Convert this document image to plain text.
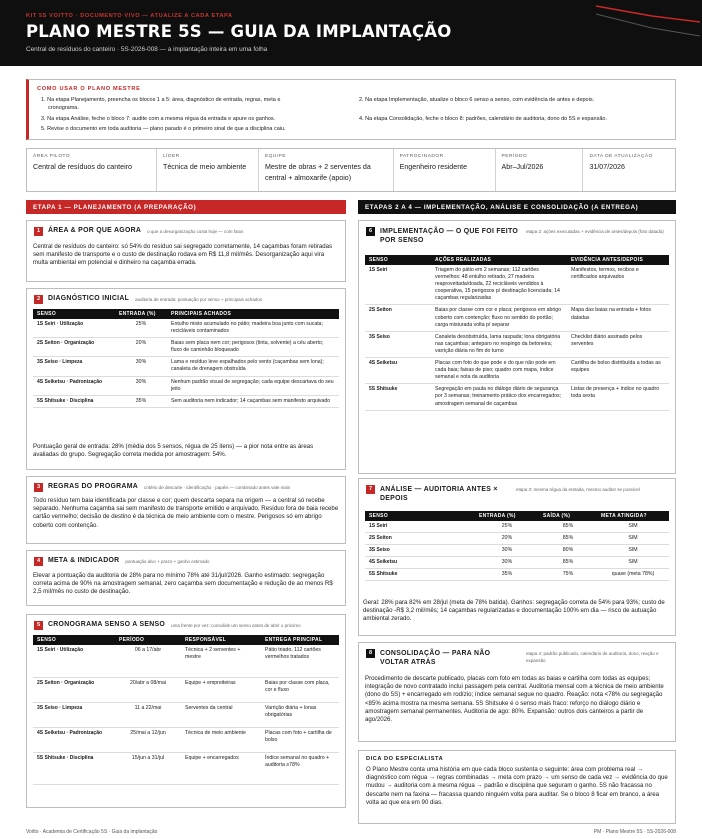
KIT 5S VOITTO · DOCUMENTO VIVO — ATUALIZE A CADA ETAPA
PLANO MESTRE 5S — GUIA DA IMPLANTAÇÃO
Central de resíduos do canteiro · 5S-2026-008 — a implantação inteira em uma folha
COMO USAR O PLANO MESTRE
1. Na etapa Planejamento, preencha os blocos 1 a 5: área, diagnóstico de entrada, regras, meta e
cronograma.
3. Na etapa Análise, feche o bloco 7: audite com a mesma régua da entrada e apure os ganhos.
5. Revise o documento em toda auditoria — plano parado é o primeiro sinal de que a disciplina caiu.
2. Na etapa Implementação, atualize o bloco 6 senso a senso, com evidência de antes e depois.
4. Na etapa Consolidação, feche o bloco 8: padrões, calendário de auditoria, dono do 5S e expansão.
ÁREA PILOTO
Central de resíduos do canteiro
LÍDER
Técnica de meio ambiente
EQUIPE
Mestre de obras + 2 serventes da central + almoxarife (apoio)
PATROCINADOR
Engenheiro residente
PERÍODO
Abr–Jul/2026
DATA DE ATUALIZAÇÃO
31/07/2026
ETAPA 1 — PLANEJAMENTO (A PREPARAÇÃO)	ETAPAS 2 A 4 — IMPLEMENTAÇÃO, ANÁLISE E CONSOLIDAÇÃO (A ENTREGA)
1	ÁREA & POR QUE AGORA o que a desorganização custa hoje — com fatos
Central de resíduos do canteiro: só 54% do resíduo sai segregado corretamente, 14 caçambas foram retiradas sem manifesto de transporte e o custo de destinação rodava em R$ 11,8 mil/mês. Desorganização aqui vira multa ambiental em potencial e dinheiro na caçamba errada.
2	DIAGNÓSTICO INICIAL auditoria de entrada: pontuação por senso + principais achados
SENSO	ENTRADA (%)	PRINCIPAIS ACHADOS
1S Seiri · Utilização	25%	Entulho misto acumulado no pátio; madeira boa junto com sucata; recicláveis contaminados
2S Seiton · Organização	20%	Baias sem placa nem cor; perigosos (tinta, solvente) a céu aberto; fluxo de caminhão bloqueado
3S Seiso · Limpeza	30%	Lama e resíduo leve espalhados pelo vento (caçambas sem lona); canaleta de drenagem obstruída
4S Seiketsu · Padronização	30%	Nenhum padrão visual de segregação; cada equipe descartava do seu jeito
5S Shitsuke · Disciplina	35%	Sem auditoria nem indicador; 14 caçambas sem manifesto arquivado
Pontuação geral de entrada: 28% (média dos 5 sensos, régua de 25 itens) — a pior nota entre as áreas avaliadas do grupo. Segregação correta medida por amostragem: 54%.
3	REGRAS DO PROGRAMA critério de descarte · identificação · papéis — combinado antes vale mais
Todo resíduo tem baia identificada por classe e cor; quem descarta separa na origem — a central só recebe separado. Nenhuma caçamba sai sem manifesto de transporte emitido e arquivado. Resíduo fora de baia recebe cartão vermelho; decisão de destino é da técnica de meio ambiente com o mestre. Perigosos só em abrigo coberto com contenção.
4	META & INDICADOR pontuação alvo + prazo + ganho estimado
Elevar a pontuação da auditoria de 28% para no mínimo 78% até 31/jul/2026. Ganho estimado: segregação correta acima de 90% na amostragem semanal, zero caçamba sem documentação e redução de ao menos R$ 2,5 mil/mês no custo de destinação.
5	CRONOGRAMA SENSO A SENSO uma frente por vez: consolide um senso antes de abrir o próximo
SENSO	PERÍODO	RESPONSÁVEL	ENTREGA PRINCIPAL
1S Seiri · Utilização	06 a 17/abr	Técnica + 2 serventes + mestre	Pátio triado, 112 cartões vermelhos tratados
2S Seiton · Organização	20/abr a 08/mai	Equipe + empreiteiras	Baias por classe com placa, cor e fluxo
3S Seiso · Limpeza	11 a 22/mai	Serventes da central	Varrição diária + lonas obrigatórias
4S Seiketsu · Padronização	25/mai a 12/jun	Técnica de meio ambiente	Placas com foto + cartilha de bolso
5S Shitsuke · Disciplina	15/jun a 31/jul	Equipe + encarregados	Índice semanal no quadro + auditoria ≥78%
6	IMPLEMENTAÇÃO — O QUE FOI FEITO POR SENSO
etapa 2: ações executadas + evidência de antes/depois (foto datada)
SENSO	AÇÕES REALIZADAS	EVIDÊNCIA ANTES/DEPOIS
1S Seiri	Triagem do pátio em 2 semanas; 112 cartões vermelhos: 48 entulho retirado, 27 madeira reaproveitada/doada, 22 recicláveis vendidos à cooperativa, 15 perigosos p/ destinação licenciada; 14 caçambas regularizadas	Manifestos, termos, recibos e certificados arquivados
2S Seiton	Baias por classe com cor e placa; perigosos em abrigo coberto com contenção; fluxo no sentido do portão; carga misturada volta p/ separar	Mapa das baias na entrada + fotos datadas
3S Seiso	Canaleta desobstruída, lama raspada; lona obrigatória nas caçambas; anteparo no respingo da betoneira; varrição diária no fim do turno	Checklist diário assinado pelos serventes
4S Seiketsu	Placas com foto do que pode e do que não pode em cada baia; faixas de piso; quadro com mapa, índice semanal e nota da auditoria	Cartilha de bolso distribuída a todas as equipes
5S Shitsuke	Segregação em pauta no diálogo diário de segurança por 3 semanas; treinamento prático dos encarregados; amostragem semanal de caçambas	Listas de presença + índice no quadro toda sexta
7	ANÁLISE — AUDITORIA ANTES × DEPOIS
etapa 3: mesma régua da entrada, mesmo auditor se possível
SENSO	ENTRADA (%)	SAÍDA (%)	META ATINGIDA?
1S Seiri	25%	85%	SIM
2S Seiton	20%	85%	SIM
3S Seiso	30%	80%	SIM
4S Seiketsu	30%	85%	SIM
5S Shitsuke	35%	75%	quase (meta 78%)
Geral: 28% para 82% em 28/jul (meta de 78% batida). Ganhos: segregação correta de 54% para 93%; custo de destinação -R$ 3,2 mil/mês; 14 caçambas regularizadas e documentação 100% em dia — risco de autuação ambiental zerado.
8	CONSOLIDAÇÃO — PARA NÃO VOLTAR ATRÁS
etapa 4: padrão publicado, calendário de auditoria, dono, reação e expansão
Procedimento de descarte publicado, placas com foto em todas as baias e cartilha com todas as equipes; integração de novo contratado inclui passagem pela central. Auditoria mensal com a técnica de meio ambiente (dono do 5S) + encarregado em rodízio; índice semanal segue no quadro. Reação: nota <78% ou segregação <85% acima mostra na mesma semana. 5S Shitsuke é o senso mais fraco: reforço no diálogo diário e amostragem semanal permanentes. Auditoria de ago: 80%. Expansão: outros dois canteiros a partir de ago/2026.
DICA DO ESPECIALISTA
O Plano Mestre conta uma história em que cada bloco sustenta o seguinte: área com problema real → diagnóstico com régua → regras combinadas → meta com prazo → um senso de cada vez → evidência do que mudou → auditoria com a mesma régua → padrão e disciplina que seguram o ganho. 5S não fracassa no descarte nem na faxina — fracassa quando ninguém volta para auditar. Se o bloco 8 ficar em branco, a área volta ao que era em 90 dias.
Voitto · Academia de Certificação 5S · Guia da implantação	PM · Plano Mestre 5S · 5S-2026-008
